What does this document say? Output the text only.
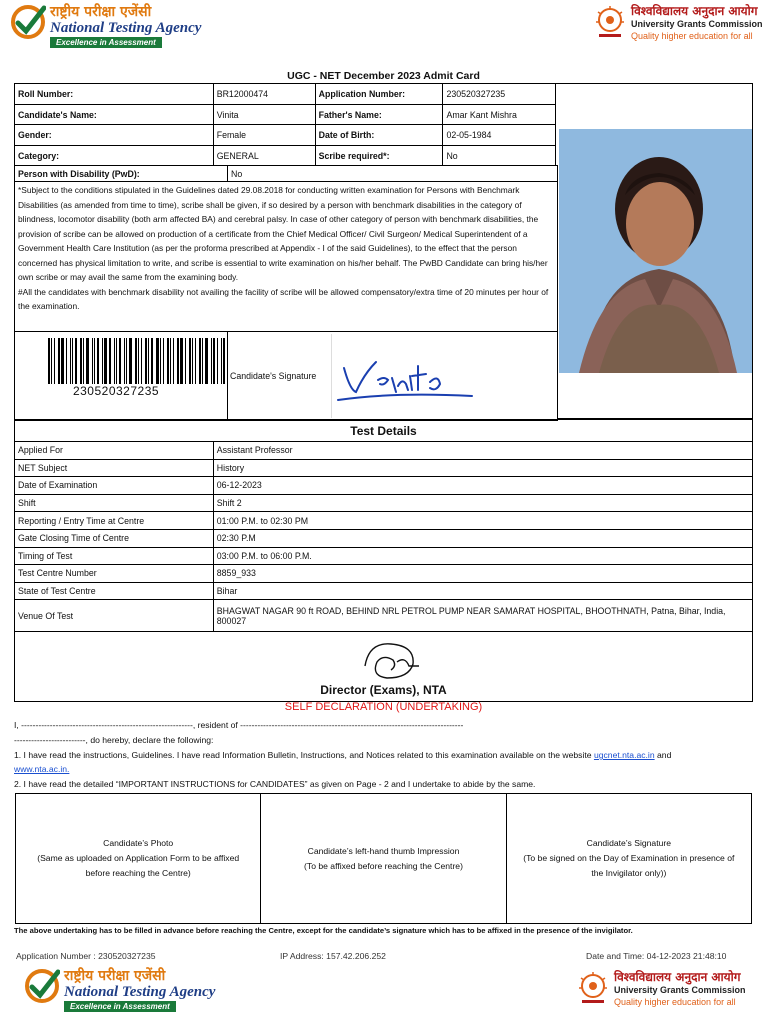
राष्ट्रीय परीक्षा एजेंसी
National Testing Agency
Excellence in Assessment
विश्वविद्यालय अनुदान आयोग
University Grants Commission
Quality higher education for all
UGC - NET December 2023 Admit Card
Roll Number:	BR12000474	Application Number:	230520327235	
Candidate's Name:	Vinita	Father's Name:	Amar Kant Mishra	
Gender:	Female	Date of Birth:	02-05-1984	
Category:	GENERAL	Scribe required*:	No	
Person with Disability (PwD):	No

*Subject to the conditions stipulated in the Guidelines dated 29.08.2018 for conducting written examination for Persons with Benchmark Disabilities (as amended from time to time), scribe shall be given, if so desired by a person with benchmark disabilities in the category of blindness, locomotor disability (both arm affected BA) and cerebral palsy. In case of other category of person with benchmark disabilities, the provision of scribe can be allowed on production of a certificate from the Chief Medical Officer/ Civil Surgeon/ Medical Superintendent of a Government Health Care Institution (as per the proforma prescribed at Appendix - I of the said Guidelines), to the effect that the person concerned has physical limitation to write, and scribe is essential to write examination on his/her behalf. The PwBD Candidate can bring his/her own scribe or may avail the same from the examining body.
#All the candidates with benchmark disability not availing the facility of scribe will be allowed compensatory/extra time of 20 minutes per hour of the examination.	

230520327235	Candidate's Signature
Test Details	
Applied For	Assistant Professor
NET Subject	History
Date of Examination	06-12-2023
Shift	Shift 2
Reporting / Entry Time at Centre	01:00 P.M. to 02:30 PM
Gate Closing Time of Centre	02:30 P.M
Timing of Test	03:00 P.M. to 06:00 P.M.
Test Centre Number	8859_933
State of Test Centre	Bihar
Venue Of Test	BHAGWAT NAGAR 90 ft ROAD, BEHIND NRL PETROL PUMP NEAR SAMARAT HOSPITAL, BHOOTHNATH, Patna, Bihar, India, 800027
Director (Exams), NTA
SELF DECLARATION (UNDERTAKING)
I, ------------------------------------------------------------, resident of ------------------------------------------------------------------------------
-------------------------, do hereby, declare the following:
1. I have read the instructions, Guidelines. I have read Information Bulletin, Instructions, and Notices related to this examination available on the website ugcnet.nta.ac.in and
www.nta.ac.in.
2. I have read the detailed “IMPORTANT INSTRUCTIONS for CANDIDATES” as given on Page - 2 and I undertake to abide by the same.
Candidate’s Photo
(Same as uploaded on Application Form to be affixed
before reaching the Centre)
Candidate’s left-hand thumb Impression
(To be affixed before reaching the Centre)
Candidate’s Signature
(To be signed on the Day of Examination in presence of
the Invigilator only))
The above undertaking has to be filled in advance before reaching the Centre, except for the candidate’s signature which has to be affixed in the presence of the invigilator.
Application Number : 230520327235	IP Address: 157.42.206.252	Date and Time: 04-12-2023 21:48:10
राष्ट्रीय परीक्षा एजेंसी
National Testing Agency
Excellence in Assessment
विश्वविद्यालय अनुदान आयोग
University Grants Commission
Quality higher education for all
